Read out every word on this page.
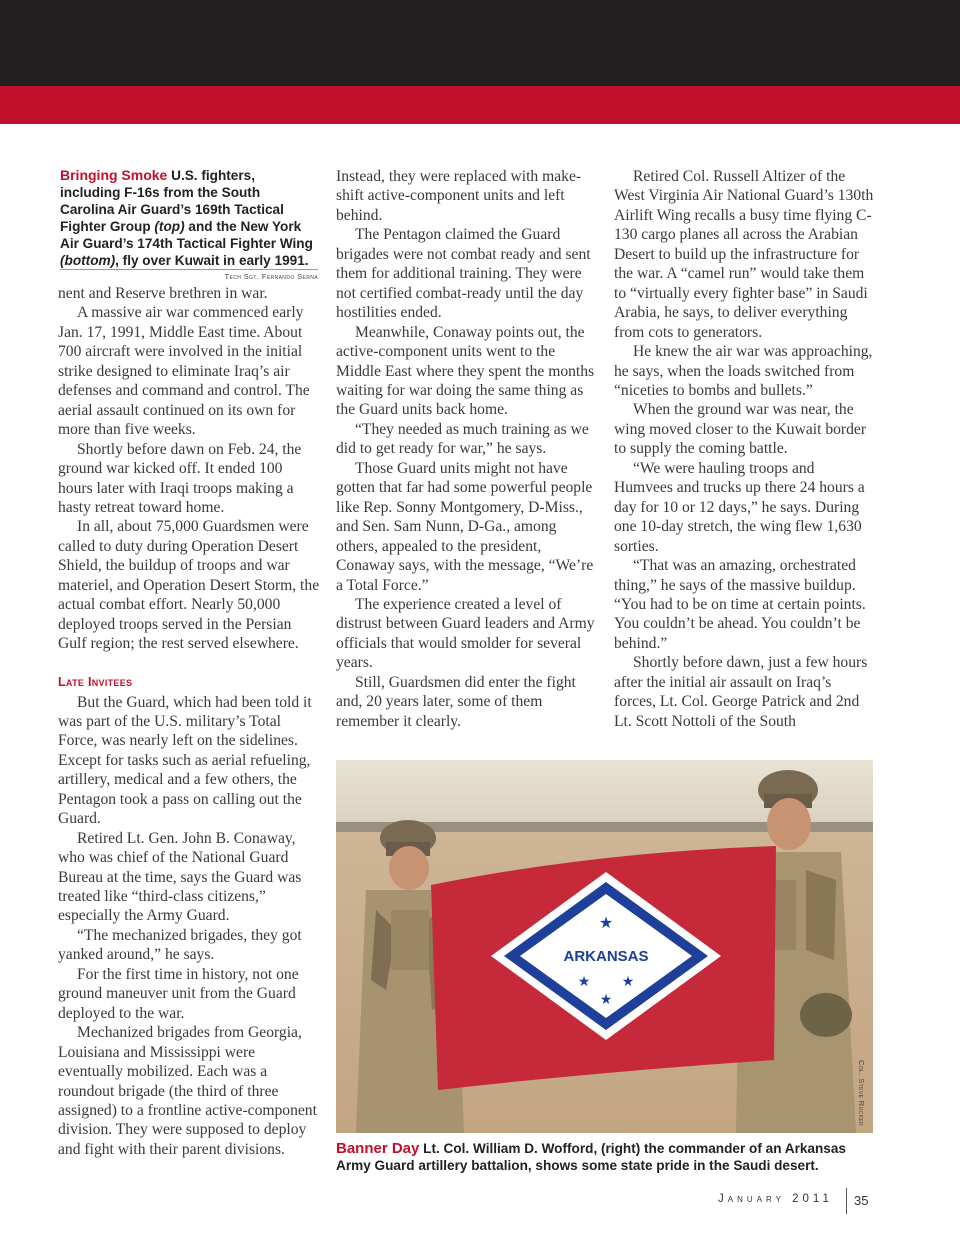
Bringing Smoke U.S. fighters, including F-16s from the South Carolina Air Guard’s 169th Tactical Fighter Group (top) and the New York Air Guard’s 174th Tactical Fighter Wing (bottom), fly over Kuwait in early 1991.
Tech Sgt. Fernando Serna

nent and Reserve brethren in war.

A massive air war commenced early Jan. 17, 1991, Middle East time. About 700 aircraft were involved in the initial strike designed to eliminate Iraq’s air defenses and command and control. The aerial assault continued on its own for more than five weeks.

Shortly before dawn on Feb. 24, the ground war kicked off. It ended 100 hours later with Iraqi troops making a hasty retreat toward home.

In all, about 75,000 Guardsmen were called to duty during Operation Desert Shield, the buildup of troops and war materiel, and Operation Desert Storm, the actual combat effort. Nearly 50,000 deployed troops served in the Persian Gulf region; the rest served elsewhere.

Late Invitees

But the Guard, which had been told it was part of the U.S. military’s Total Force, was nearly left on the sidelines. Except for tasks such as aerial refueling, artillery, medical and a few others, the Pentagon took a pass on calling out the Guard.

Retired Lt. Gen. John B. Conaway, who was chief of the National Guard Bureau at the time, says the Guard was treated like “third-class citizens,” especially the Army Guard.

“The mechanized brigades, they got yanked around,” he says.

For the first time in history, not one ground maneuver unit from the Guard deployed to the war.

Mechanized brigades from Georgia, Louisiana and Mississippi were eventually mobilized. Each was a roundout brigade (the third of three assigned) to a frontline active-component division. They were supposed to deploy and fight with their parent divisions.

Instead, they were replaced with make-shift active-component units and left behind.

The Pentagon claimed the Guard brigades were not combat ready and sent them for additional training. They were not certified combat-ready until the day hostilities ended.

Meanwhile, Conaway points out, the active-component units went to the Middle East where they spent the months waiting for war doing the same thing as the Guard units back home.

“They needed as much training as we did to get ready for war,” he says.

Those Guard units might not have gotten that far had some powerful people like Rep. Sonny Montgomery, D-Miss., and Sen. Sam Nunn, D-Ga., among others, appealed to the president, Conaway says, with the message, “We’re a Total Force.”

The experience created a level of distrust between Guard leaders and Army officials that would smolder for several years.

Still, Guardsmen did enter the fight and, 20 years later, some of them remember it clearly.

Retired Col. Russell Altizer of the West Virginia Air National Guard’s 130th Airlift Wing recalls a busy time flying C-130 cargo planes all across the Arabian Desert to build up the infrastructure for the war. A “camel run” would take them to “virtually every fighter base” in Saudi Arabia, he says, to deliver everything from cots to generators.

He knew the air war was approaching, he says, when the loads switched from “niceties to bombs and bullets.”

When the ground war was near, the wing moved closer to the Kuwait border to supply the coming battle.

“We were hauling troops and Humvees and trucks up there 24 hours a day for 10 or 12 days,” he says. During one 10-day stretch, the wing flew 1,630 sorties.

“That was an amazing, orchestrated thing,” he says of the massive buildup. “You had to be on time at certain points. You couldn’t be ahead. You couldn’t be behind.”

Shortly before dawn, just a few hours after the initial air assault on Iraq’s forces, Lt. Col. George Patrick and 2nd Lt. Scott Nottoli of the South

ARKANSAS
★
★ ★
★
Col. Steve Rucker
Banner Day Lt. Col. William D. Wofford, (right) the commander of an Arkansas Army Guard artillery battalion, shows some state pride in the Saudi desert.
January 2011 35
